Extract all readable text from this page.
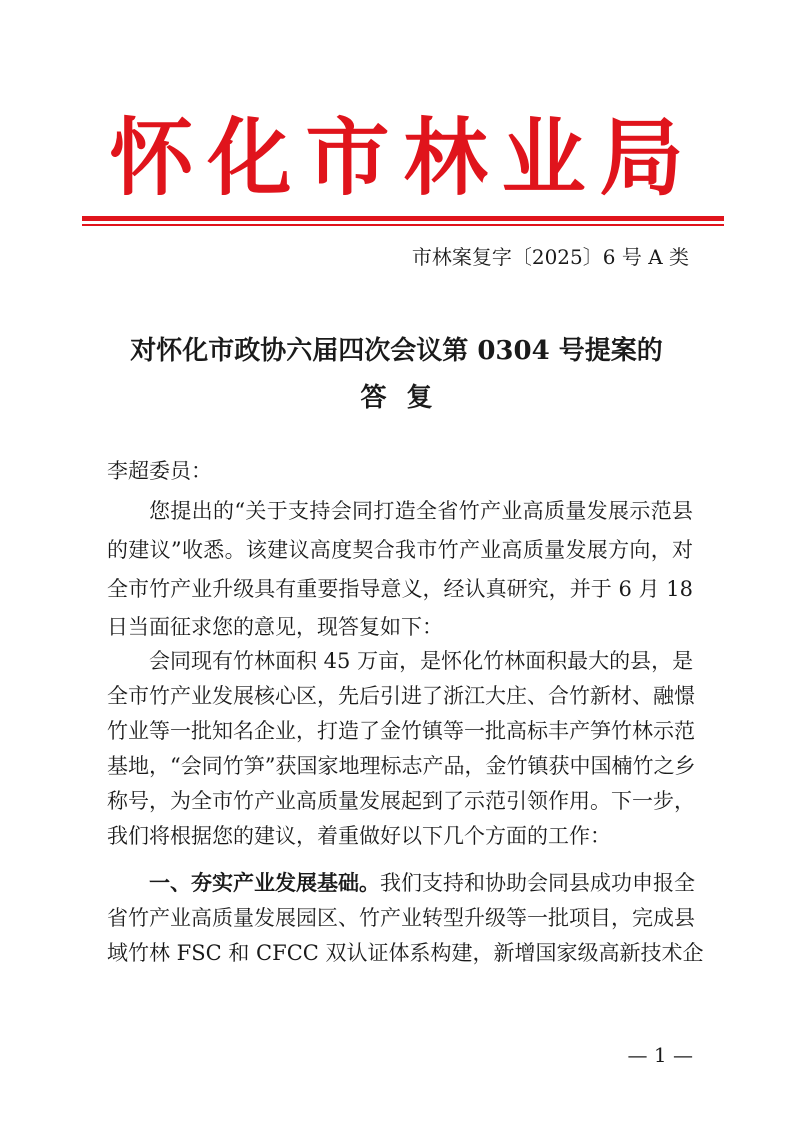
怀化市林业局
市林案复字〔2025〕6 号 A 类
对怀化市政协六届四次会议第 0304 号提案的
答复
李超委员：
您提出的“关于支持会同打造全省竹产业高质量发展示范县
的建议”收悉。该建议高度契合我市竹产业高质量发展方向，对
全市竹产业升级具有重要指导意义，经认真研究，并于 6 月 18
日当面征求您的意见，现答复如下：
会同现有竹林面积 45 万亩，是怀化竹林面积最大的县，是
全市竹产业发展核心区，先后引进了浙江大庄、合竹新材、融憬
竹业等一批知名企业，打造了金竹镇等一批高标丰产笋竹林示范
基地，“会同竹笋”获国家地理标志产品，金竹镇获中国楠竹之乡
称号，为全市竹产业高质量发展起到了示范引领作用。下一步，
我们将根据您的建议，着重做好以下几个方面的工作：
一、夯实产业发展基础。我们支持和协助会同县成功申报全
省竹产业高质量发展园区、竹产业转型升级等一批项目，完成县
域竹林 FSC 和 CFCC 双认证体系构建，新增国家级高新技术企
— 1 —
